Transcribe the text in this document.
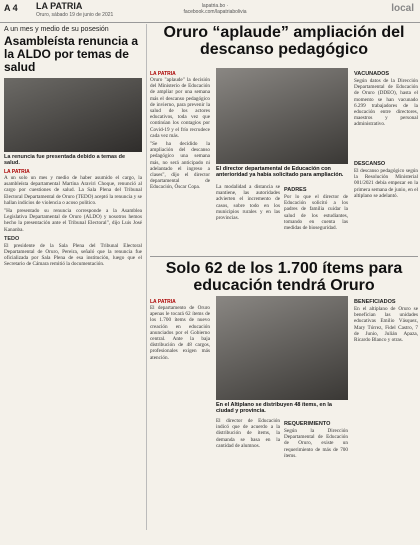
A 4 LA PATRIA
Oruro, sábado 19 de junio de 2021
lapatria.bo · facebook.com/lapatriabolivia	local
A un mes y medio de su posesión
Asambleísta renuncia a la ALDO por temas de salud
La renuncia fue presentada debido a temas de salud.
LA PATRIA

A un solo un mes y medio de haber asumido el cargo, la asambleísta departamental Martina Araviri Choque, renunció al cargo por cuestiones de salud. La Sala Plena del Tribunal Electoral Departamental de Oruro (TEDO) aceptó la renuncia y se hallan indicios de violencia o acoso político.

"Ha presentado su renuncia corresponde a la Asamblea Legislativa Departamental de Oruro (ALDO) y nosotros hemos hecho la presentación ante el Tribunal Electoral", dijo Luis José Kananba.

TEDO

El presidente de la Sala Plena del Tribunal Electoral Departamental de Oruro, Pereira, señaló que la renuncia fue oficializada por Sala Plena de esa institución, luego que el Secretario de Cámara remitió la documentación.

Oruro “aplaude” ampliación del descanso pedagógico
LA PATRIA

Oruro "aplaude" la decisión del Ministerio de Educación de ampliar por una semana más el descanso pedagógico de invierno, para prevenir la salud de los actores educativos, toda vez que continúan los contagios por Covid-19 y el frío recrudece cada vez más.

"Se ha decidido la ampliación del descanso pedagógico una semana más, no será anticipado ni adelantado el ingreso a clases", dijo el director departamental de Educación, Óscar Copa.

El director departamental de Educación con anterioridad ya había solicitado para ampliación.

La modalidad a distancia se mantiene, las autoridades advierten el incremento de casos, sobre todo en los municipios rurales y en las provincias.

PADRES

Por lo que el director de Educación solicitó a los padres de familia cuidar la salud de los estudiantes, tomando en cuenta las medidas de bioseguridad.

VACUNADOS

Según datos de la Dirección Departamental de Educación de Oruro (DDEO), hasta el momento se han vacunado 6.299 trabajadores de la educación entre directores, maestros y personal administrativo.

DESCANSO

El descanso pedagógico según la Resolución Ministerial 001/2021 debía empezar en la primera semana de junio, en el altiplano se adelantó.

Solo 62 de los 1.700 ítems para educación tendrá Oruro
LA PATRIA

El departamento de Oruro apenas le tocará 62 ítems de los 1.700 ítems de nuevo creación en educación anunciados por el Gobierno central. Ante la baja distribución de 48 cargos, profesionales exigen más atención.

En el Altiplano se distribuyen 48 ítems, en la ciudad y provincia.

El director de Educación indicó que de acuerdo a la distribución de ítems, la demanda se basa en la cantidad de alumnos.

REQUERIMIENTO

Según la Dirección Departamental de Educación de Oruro, existe un requerimiento de más de 700 ítems.

BENEFICIADOS

En el altiplano de Oruro se benefician las unidades educativas Emilio Vásquez, Mary Tórrez, Fidel Castro, 7 de Junio, Julián Apaza, Ricardo Blanco y otras.
